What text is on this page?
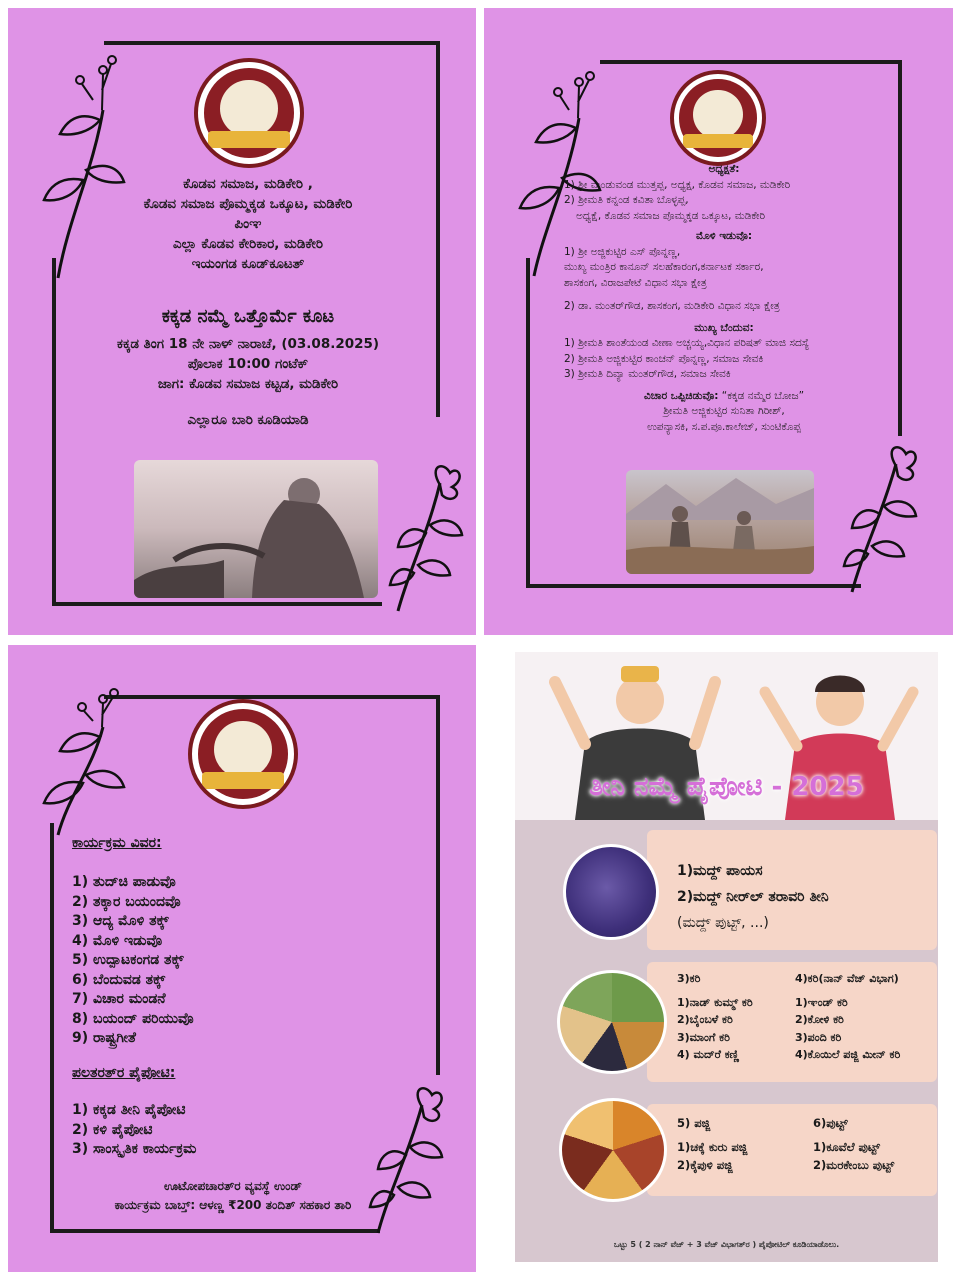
ಕೊಡವ ಸಮಾಜ, ಮಡಿಕೇರಿ ,
ಕೊಡವ ಸಮಾಜ ಪೊಮ್ಮಕ್ಕಡ ಒಕ್ಕೂಟ, ಮಡಿಕೇರಿ
ಪಿಂಞ
ಎಲ್ಲಾ ಕೊಡವ ಕೇರಿಕಾರ, ಮಡಿಕೇರಿ
ಇಯಂಗಡ ಕೂಡ್‌ಕೂಟತ್
ಕಕ್ಕಡ ನಮ್ಮೆ ಒತ್ತೊರ್ಮೆ ಕೂಟ
ಕಕ್ಕಡ ತಿಂಗ 18 ನೇ ನಾಳ್ ನಾರಾಚೆ, (03.08.2025)
ಪೊಲಾಕ 10:00 ಗಂಟೆಕ್
ಜಾಗ: ಕೊಡವ ಸಮಾಜ ಕಟ್ಟಡ, ಮಡಿಕೇರಿ
ಎಲ್ಲಾರೂ ಬಾರಿ ಕೂಡಿಯಾಡಿ
ಅಧ್ಯಕ್ಷತೆ:
1) ಶ್ರೀ ಮಂಡುವಂಡ ಮುತ್ತಪ್ಪ, ಅಧ್ಯಕ್ಷ, ಕೊಡವ ಸಮಾಜ, ಮಡಿಕೇರಿ
2) ಶ್ರೀಮತಿ ಕನ್ನಂಡ ಕವಿತಾ ಬೊಳ್ಳಪ್ಪ,
ಅಧ್ಯಕ್ಷೆ, ಕೊಡವ ಸಮಾಜ ಪೊಮ್ಮಕ್ಕಡ ಒಕ್ಕೂಟ, ಮಡಿಕೇರಿ
ಮೊಳಿ ಇಡುವೊ:
1) ಶ್ರೀ ಅಜ್ಜಿಕುಟ್ಟಿರ ಎಸ್ ಪೊನ್ನಣ್ಣ,
ಮುಖ್ಯ ಮಂತ್ರಿರ ಕಾನೂನ್ ಸಲಹೆಕಾರಂಗ,ಕರ್ನಾಟಕ ಸರ್ಕಾರ,
ಶಾಸಕಂಗ, ವಿರಾಜಪೇಟೆ ವಿಧಾನ ಸಭಾ ಕ್ಷೇತ್ರ
2) ಡಾ. ಮಂತರ್‌ಗೌಡ, ಶಾಸಕಂಗ, ಮಡಿಕೇರಿ ವಿಧಾನ ಸಭಾ ಕ್ಷೇತ್ರ
ಮುಖ್ಯ ಬೆಂದುವ:
1) ಶ್ರೀಮತಿ ಶಾಂತೆಯಂಡ ವೀಣಾ ಅಚ್ಚಯ್ಯ,ವಿಧಾನ ಪರಿಷತ್ ಮಾಜಿ ಸದಸ್ಯೆ
2) ಶ್ರೀಮತಿ ಅಜ್ಜಿಕುಟ್ಟಿರ ಕಾಂಚನ್ ಪೊನ್ನಣ್ಣ, ಸಮಾಜ ಸೇವಕಿ
3) ಶ್ರೀಮತಿ ದಿವ್ಯಾ ಮಂತರ್‌ಗೌಡ, ಸಮಾಜ ಸೇವಕಿ
ವಿಚಾರ ಒಪ್ಪಿಚಿಡುವೊ: “ಕಕ್ಕಡ ನಮ್ಮೆರ ಬೋಜ”
ಶ್ರೀಮತಿ ಅಜ್ಜಿಕುಟ್ಟಿರ ಸುನಿತಾ ಗಿರೀಶ್,
ಉಪನ್ಯಾಸಕಿ, ಸ.ಪ.ಪೂ.ಕಾಲೇಜ್, ಸುಂಟಿಕೊಪ್ಪ
ಕಾರ್ಯಕ್ರಮ ವಿವರ:
1) ತುದ್‌ಚಿ ಪಾಡುವೊ
2) ತಕ್ಕಾರ ಬಯಂದವೊ
3) ಆದ್ಯ ಮೊಳಿ ತಕ್ಕ್
4) ಮೊಳಿ ಇಡುವೊ
5) ಉದ್ಪಾಟಕಂಗಡ ತಕ್ಕ್
6) ಬೆಂದುವಡ ತಕ್ಕ್
7) ವಿಚಾರ ಮಂಡನೆ
8) ಬಯಂದ್ ಪರಿಯುವೊ
9) ರಾಷ್ಟ್ರಗೀತೆ
ಪಲತರತ್‌ರ ಪೈಪೋಟಿ:
1) ಕಕ್ಕಡ ತೀನಿ ಪೈಪೋಟಿ
2) ಕಳಿ ಪೈಪೋಟಿ
3) ಸಾಂಸ್ಕೃತಿಕ ಕಾರ್ಯಕ್ರಮ
ಊಟೋಪಚಾರತ್‌ರ ವ್ಯವಸ್ಥೆ ಉಂಡ್
ಕಾರ್ಯಕ್ರಮ ಬಾಬ್ತ್: ಆಳಣ್ಣ ₹200 ತಂದಿತ್ ಸಹಕಾರ ತಾರಿ
ತೀನಿ ನಮ್ಮೆ ಪೈಪೋಟಿ - 2025
1)ಮದ್ದ್ ಪಾಯಸ
2)ಮದ್ದ್ ನೀರ್‌ಲ್ ತರಾವರಿ ತೀನಿ
(ಮದ್ದ್ ಪುಟ್ಟ್, ...)
3)ಕರಿ
1)ನಾಡ್ ಕುಮ್ಮ್ ಕರಿ
2)ಬೈಂಬಳೆ ಕರಿ
3)ಮಾಂಗೆ ಕರಿ
4) ಮದ್‌ರೆ ಕಣ್ಣಿ
4)ಕರಿ(ನಾನ್ ವೆಜ್ ವಿಭಾಗ)
1)ಞಂಡ್ ಕರಿ
2)ಕೋಳಿ ಕರಿ
3)ಪಂದಿ ಕರಿ
4)ಕೊಯಿಲೆ ಪಜ್ಜಿ ಮೀನ್ ಕರಿ
5) ಪಜ್ಜಿ
1)ಚಕ್ಕೆ ಕುರು ಪಜ್ಜಿ
2)ಕೈಪುಳಿ ಪಜ್ಜಿ
6)ಪುಟ್ಟ್
1)ಕೂವೆಲೆ ಪುಟ್ಟ್
2)ಮರಕೇಂಬು ಪುಟ್ಟ್
ಒಟ್ಟು 5 ( 2 ನಾನ್ ವೆಜ್ + 3 ವೆಜ್ ವಿಭಾಗತ್‌ರ ) ಪೈಪೋಟಿಲ್ ಕೂಡಿಯಾಡೊಲು.
